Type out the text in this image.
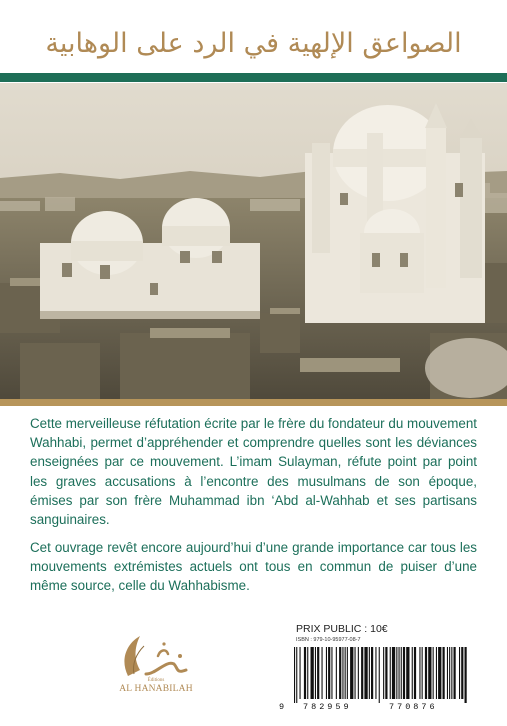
الصواعق الإلهية في الرد على الوهابية

Cette merveilleuse réfutation écrite par le frère du fondateur du mouvement Wahhabi, permet d’appréhender et comprendre quelles sont les déviances enseignées par ce mouvement. L’imam Sulayman, réfute point par point les graves accusations à l’encontre des musulmans de son époque, émises par son frère Muhammad ibn ‘Abd al-Wahhab et ses partisans sanguinaires.

Cet ouvrage revêt encore aujourd’hui d’une grande importance car tous les mouvements extrémistes actuels ont tous en commun de puiser d’une même source, celle du Wahhabisme.

Éditions
AL HANABILAH
PRIX PUBLIC : 10€
ISBN : 979-10-95977-08-7
9 782959	770876
